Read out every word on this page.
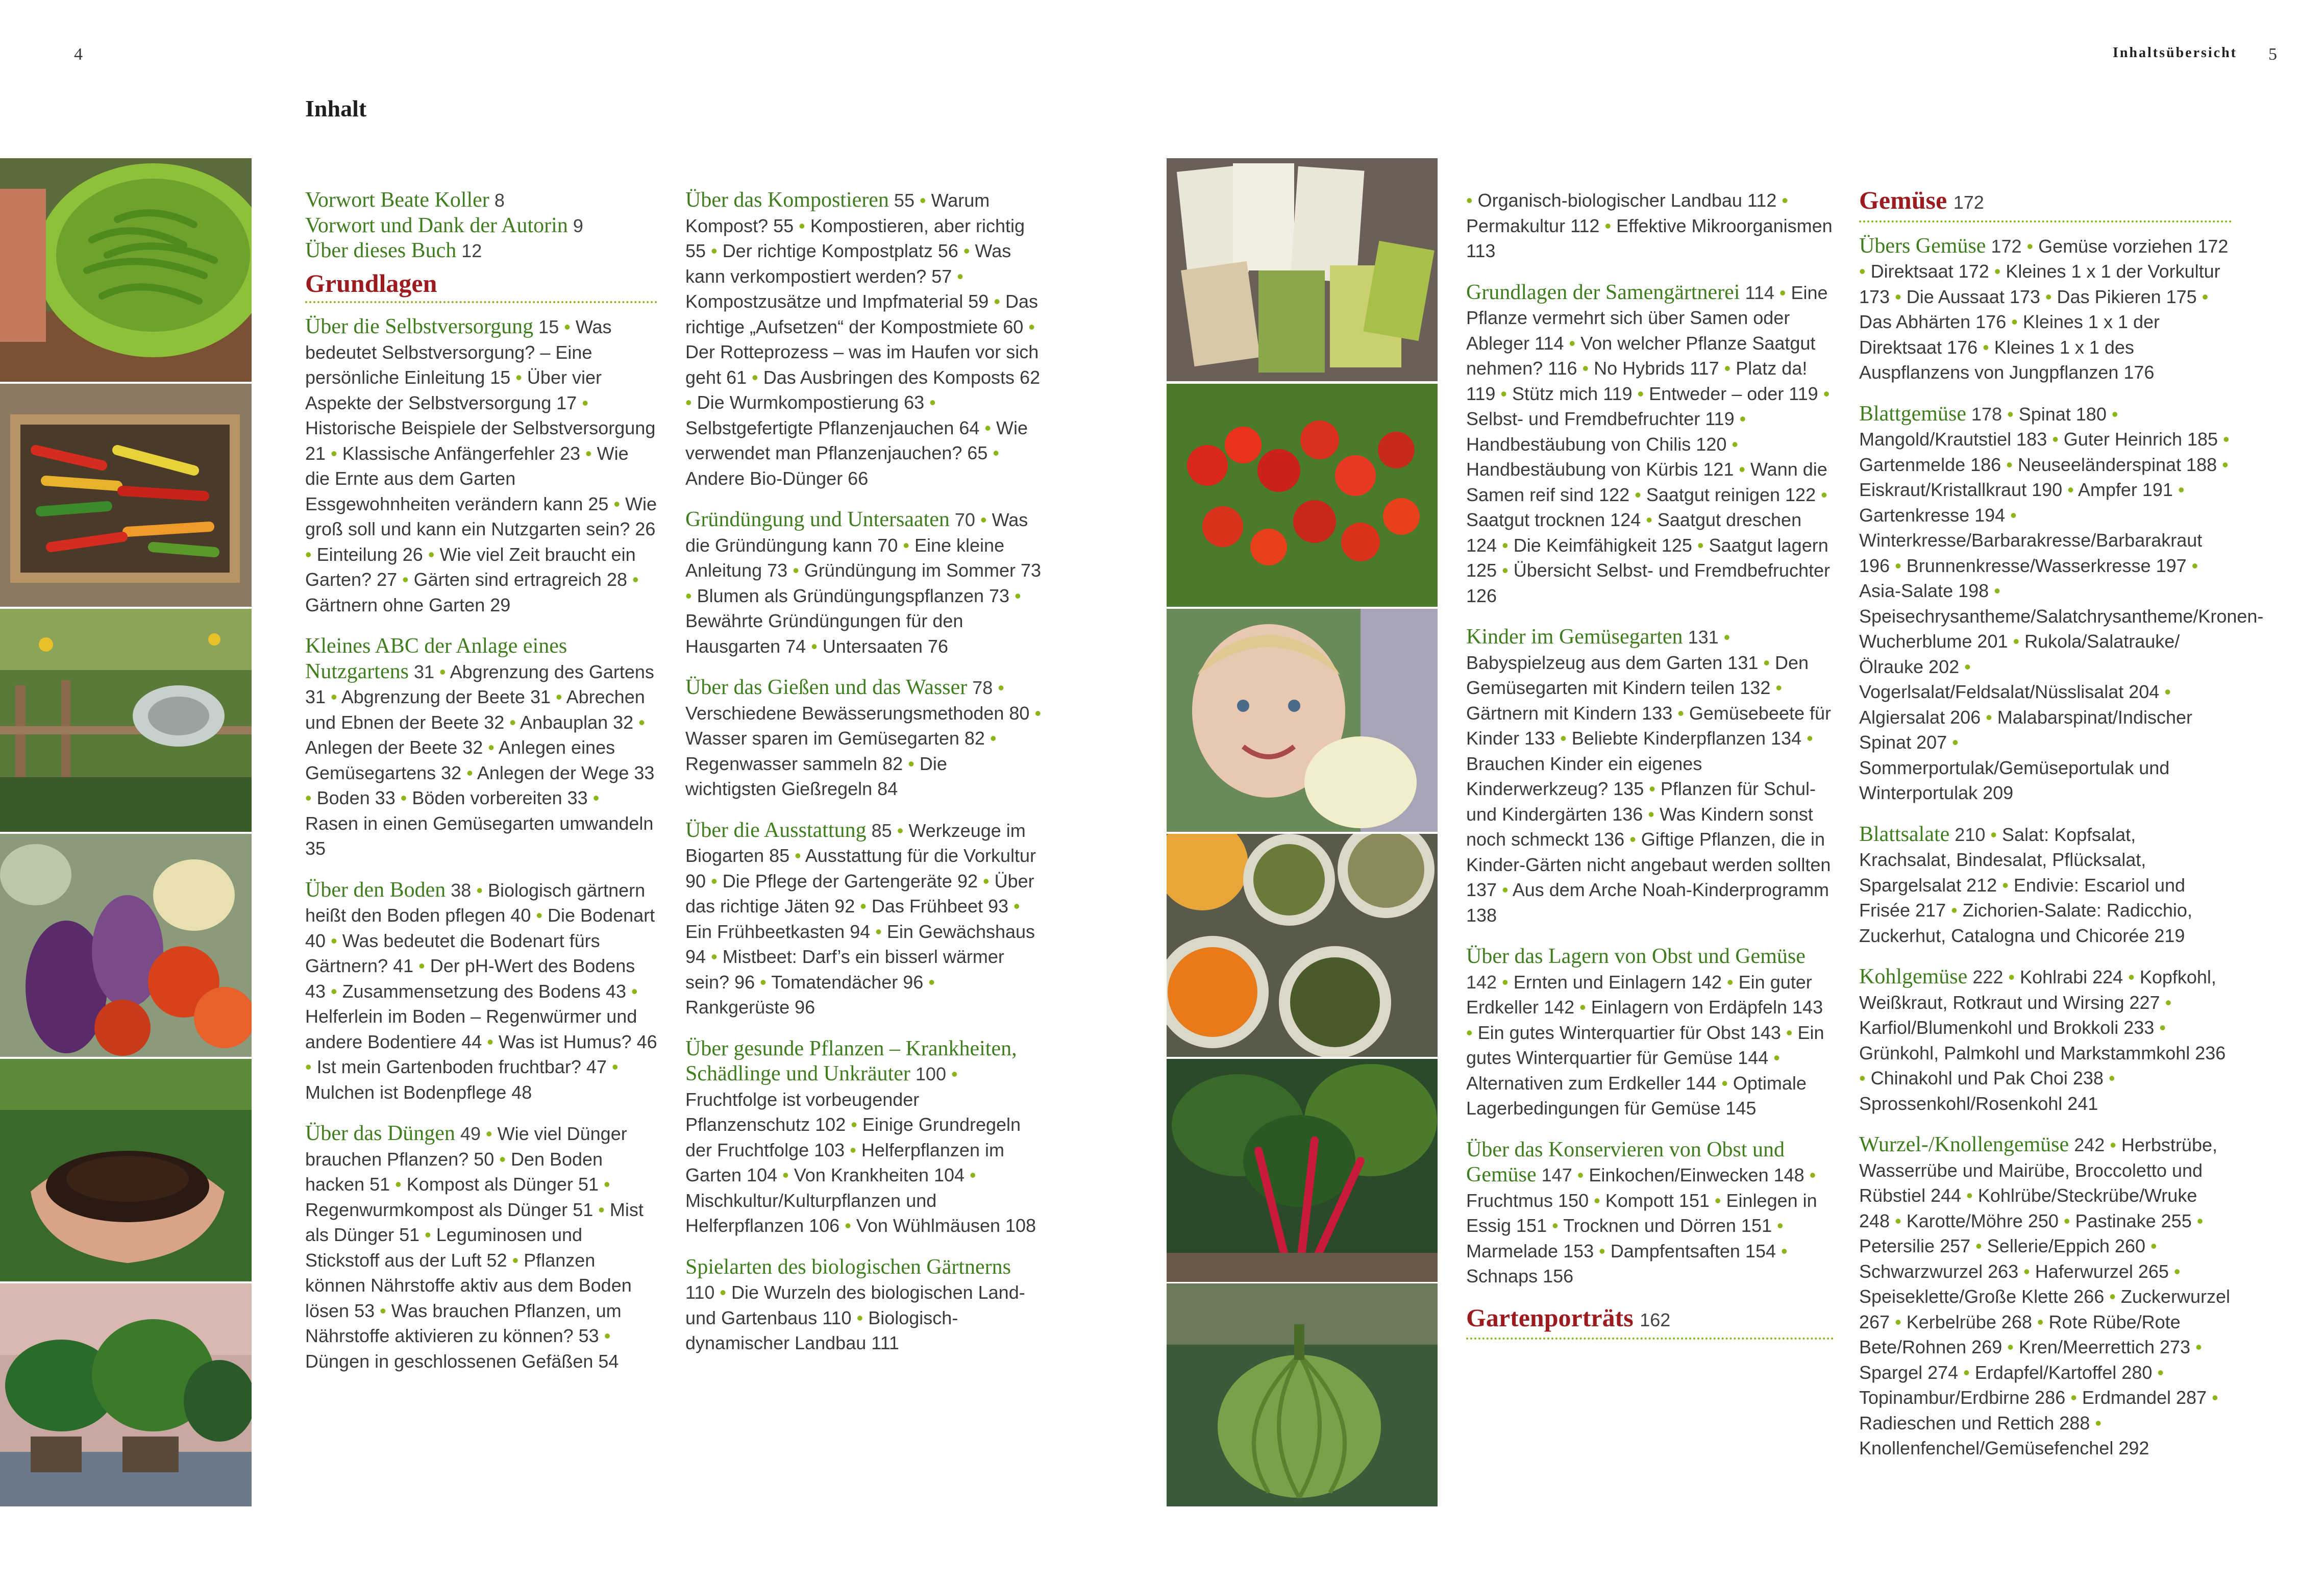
4	5
Inhaltsübersicht
Inhalt

Vorwort Beate Koller 8

Vorwort und Dank der Autorin 9

Über dieses Buch 12

Grundlagen

Über die Selbstversorgung 15 • Was bedeutet Selbstversorgung? – Eine persönliche Einleitung 15 • Über vier Aspekte der Selbstversorgung 17 • Historische Beispiele der Selbstversorgung 21 • Klassische Anfängerfehler 23 • Wie die Ernte aus dem Garten Essgewohnheiten verändern kann 25 • Wie groß soll und kann ein Nutzgarten sein? 26 • Einteilung 26 • Wie viel Zeit braucht ein Garten? 27 • Gärten sind ertragreich 28 • Gärtnern ohne Garten 29

Kleines ABC der Anlage eines Nutzgartens 31 • Abgrenzung des Gartens 31 • Abgrenzung der Beete 31 • Abrechen und Ebnen der Beete 32 • Anbauplan 32 • Anlegen der Beete 32 • Anlegen eines Gemüsegartens 32 • Anlegen der Wege 33 • Boden 33 • Böden vorbereiten 33 • Rasen in einen Gemüsegarten umwandeln 35

Über den Boden 38 • Biologisch gärtnern heißt den Boden pflegen 40 • Die Bodenart 40 • Was bedeutet die Bodenart fürs Gärtnern? 41 • Der pH-Wert des Bodens 43 • Zusammensetzung des Bodens 43 • Helferlein im Boden – Regenwürmer und andere Bodentiere 44 • Was ist Humus? 46 • Ist mein Gartenboden fruchtbar? 47 • Mulchen ist Bodenpflege 48

Über das Düngen 49 • Wie viel Dünger brauchen Pflanzen? 50 • Den Boden hacken 51 • Kompost als Dünger 51 • Regenwurmkompost als Dünger 51 • Mist als Dünger 51 • Leguminosen und Stickstoff aus der Luft 52 • Pflanzen können Nährstoffe aktiv aus dem Boden lösen 53 • Was brauchen Pflanzen, um Nährstoffe aktivieren zu können? 53 • Düngen in geschlossenen Gefäßen 54

Über das Kompostieren 55 • Warum Kompost? 55 • Kompostieren, aber richtig 55 • Der richtige Kompostplatz 56 • Was kann verkompostiert werden? 57 • Kompostzusätze und Impfmaterial 59 • Das richtige „Aufsetzen“ der Kompostmiete 60 • Der Rotteprozess – was im Haufen vor sich geht 61 • Das Ausbringen des Komposts 62 • Die Wurmkompostierung 63 • Selbstgefertigte Pflanzenjauchen 64 • Wie verwendet man Pflanzenjauchen? 65 • Andere Bio-Dünger 66

Gründüngung und Untersaaten 70 • Was die Gründüngung kann 70 • Eine kleine Anleitung 73 • Gründüngung im Sommer 73 • Blumen als Gründüngungspflanzen 73 • Bewährte Gründüngungen für den Hausgarten 74 • Untersaaten 76

Über das Gießen und das Wasser 78 • Verschiedene Bewässerungsmethoden 80 • Wasser sparen im Gemüsegarten 82 • Regenwasser sammeln 82 • Die wichtigsten Gießregeln 84

Über die Ausstattung 85 • Werkzeuge im Biogarten 85 • Ausstattung für die Vorkultur 90 • Die Pflege der Gartengeräte 92 • Über das richtige Jäten 92 • Das Frühbeet 93 • Ein Frühbeetkasten 94 • Ein Gewächshaus 94 • Mistbeet: Darf’s ein bisserl wärmer sein? 96 • Tomatendächer 96 • Rankgerüste 96

Über gesunde Pflanzen – Krankheiten, Schädlinge und Unkräuter 100 • Fruchtfolge ist vorbeugender Pflanzenschutz 102 • Einige Grundregeln der Fruchtfolge 103 • Helferpflanzen im Garten 104 • Von Krankheiten 104 • Mischkultur/Kulturpflanzen und Helferpflanzen 106 • Von Wühlmäusen 108

Spielarten des biologischen Gärtnerns 110 • Die Wurzeln des biologischen Land- und Gartenbaus 110 • Biologisch-dynamischer Landbau 111

• Organisch-biologischer Landbau 112 • Permakultur 112 • Effektive Mikroorganismen 113

Grundlagen der Samengärtnerei 114 • Eine Pflanze vermehrt sich über Samen oder Ableger 114 • Von welcher Pflanze Saatgut nehmen? 116 • No Hybrids 117 • Platz da! 119 • Stütz mich 119 • Entweder – oder 119 • Selbst- und Fremdbefruchter 119 • Handbestäubung von Chilis 120 • Handbestäubung von Kürbis 121 • Wann die Samen reif sind 122 • Saatgut reinigen 122 • Saatgut trocknen 124 • Saatgut dreschen 124 • Die Keimfähigkeit 125 • Saatgut lagern 125 • Übersicht Selbst- und Fremdbefruchter 126

Kinder im Gemüsegarten 131 • Babyspielzeug aus dem Garten 131 • Den Gemüsegarten mit Kindern teilen 132 • Gärtnern mit Kindern 133 • Gemüsebeete für Kinder 133 • Beliebte Kinderpflanzen 134 • Brauchen Kinder ein eigenes Kinderwerkzeug? 135 • Pflanzen für Schul- und Kindergärten 136 • Was Kindern sonst noch schmeckt 136 • Giftige Pflanzen, die in Kinder-Gärten nicht angebaut werden sollten 137 • Aus dem Arche Noah-Kinderprogramm 138

Über das Lagern von Obst und Gemüse 142 • Ernten und Einlagern 142 • Ein guter Erdkeller 142 • Einlagern von Erdäpfeln 143 • Ein gutes Winterquartier für Obst 143 • Ein gutes Winterquartier für Gemüse 144 • Alternativen zum Erdkeller 144 • Optimale Lagerbedingungen für Gemüse 145

Über das Konservieren von Obst und Gemüse 147 • Einkochen/Einwecken 148 • Fruchtmus 150 • Kompott 151 • Einlegen in Essig 151 • Trocknen und Dörren 151 • Marmelade 153 • Dampfentsaften 154 • Schnaps 156

Gartenporträts 162
Gemüse 172

Übers Gemüse 172 • Gemüse vorziehen 172 • Direktsaat 172 • Kleines 1 x 1 der Vorkultur 173 • Die Aussaat 173 • Das Pikieren 175 • Das Abhärten 176 • Kleines 1 x 1 der Direktsaat 176 • Kleines 1 x 1 des Auspflanzens von Jungpflanzen 176

Blattgemüse 178 • Spinat 180 • Mangold/Krautstiel 183 • Guter Heinrich 185 • Gartenmelde 186 • Neuseeländerspinat 188 • Eiskraut/Kristallkraut 190 • Ampfer 191 • Gartenkresse 194 • Winterkresse/Barbarakresse/Barbarakraut 196 • Brunnenkresse/Wasserkresse 197 • Asia-Salate 198 • Speisechrysantheme/Salatchrysantheme/Kronen-Wucherblume 201 • Rukola/Salatrauke/Ölrauke 202 • Vogerlsalat/Feldsalat/Nüsslisalat 204 • Algiersalat 206 • Malabarspinat/Indischer Spinat 207 • Sommerportulak/Gemüseportulak und Winterportulak 209

Blattsalate 210 • Salat: Kopfsalat, Krachsalat, Bindesalat, Pflücksalat, Spargelsalat 212 • Endivie: Escariol und Frisée 217 • Zichorien-Salate: Radicchio, Zuckerhut, Catalogna und Chicorée 219

Kohlgemüse 222 • Kohlrabi 224 • Kopfkohl, Weißkraut, Rotkraut und Wirsing 227 • Karfiol/Blumenkohl und Brokkoli 233 • Grünkohl, Palmkohl und Markstammkohl 236 • Chinakohl und Pak Choi 238 • Sprossenkohl/Rosenkohl 241

Wurzel-/Knollengemüse 242 • Herbstrübe, Wasserrübe und Mairübe, Broccoletto und Rübstiel 244 • Kohlrübe/Steckrübe/Wruke 248 • Karotte/Möhre 250 • Pastinake 255 • Petersilie 257 • Sellerie/Eppich 260 • Schwarzwurzel 263 • Haferwurzel 265 • Speiseklette/Große Klette 266 • Zuckerwurzel 267 • Kerbelrübe 268 • Rote Rübe/Rote Bete/Rohnen 269 • Kren/Meerrettich 273 • Spargel 274 • Erdapfel/Kartoffel 280 • Topinambur/Erdbirne 286 • Erdmandel 287 • Radieschen und Rettich 288 • Knollenfenchel/Gemüsefenchel 292
